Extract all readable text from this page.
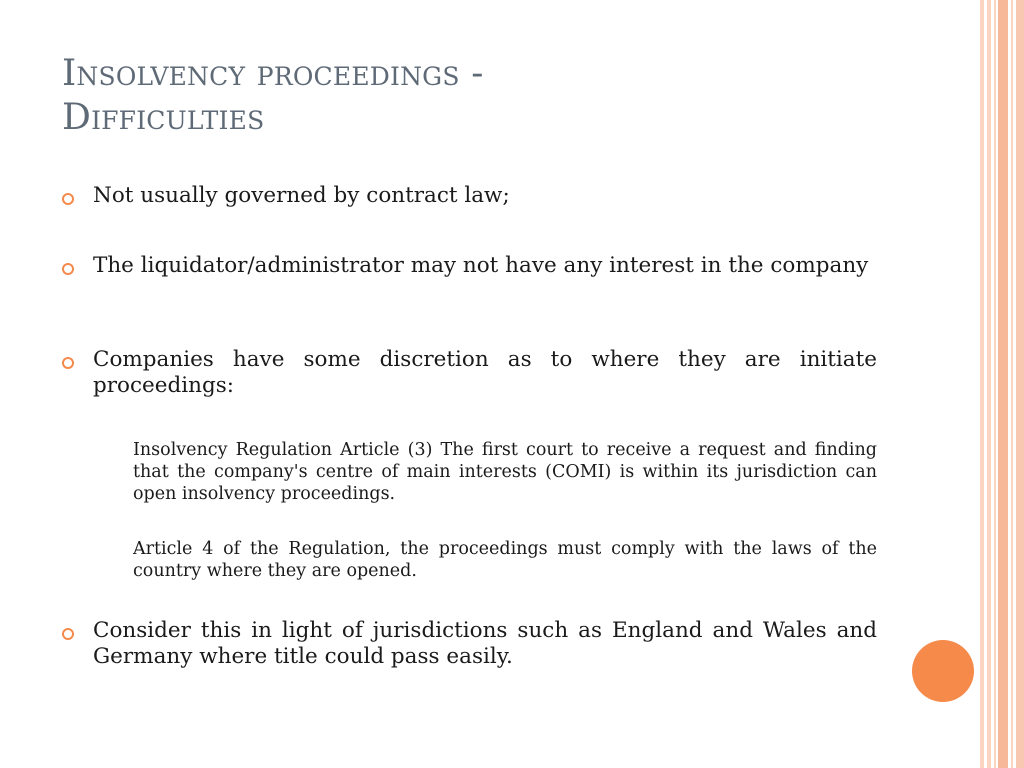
Insolvency proceedings -
Difficulties
Not usually governed by contract law;
The liquidator/administrator may not have any interest in the company
Companies have some discretion as to where they are initiate proceedings:
Consider this in light of jurisdictions such as England and Wales and Germany where title could pass easily.
Insolvency Regulation Article (3) The first court to receive a request and finding that the company's centre of main interests (COMI) is within its jurisdiction can open insolvency proceedings.
Article 4 of the Regulation, the proceedings must comply with the laws of the country where they are opened.
